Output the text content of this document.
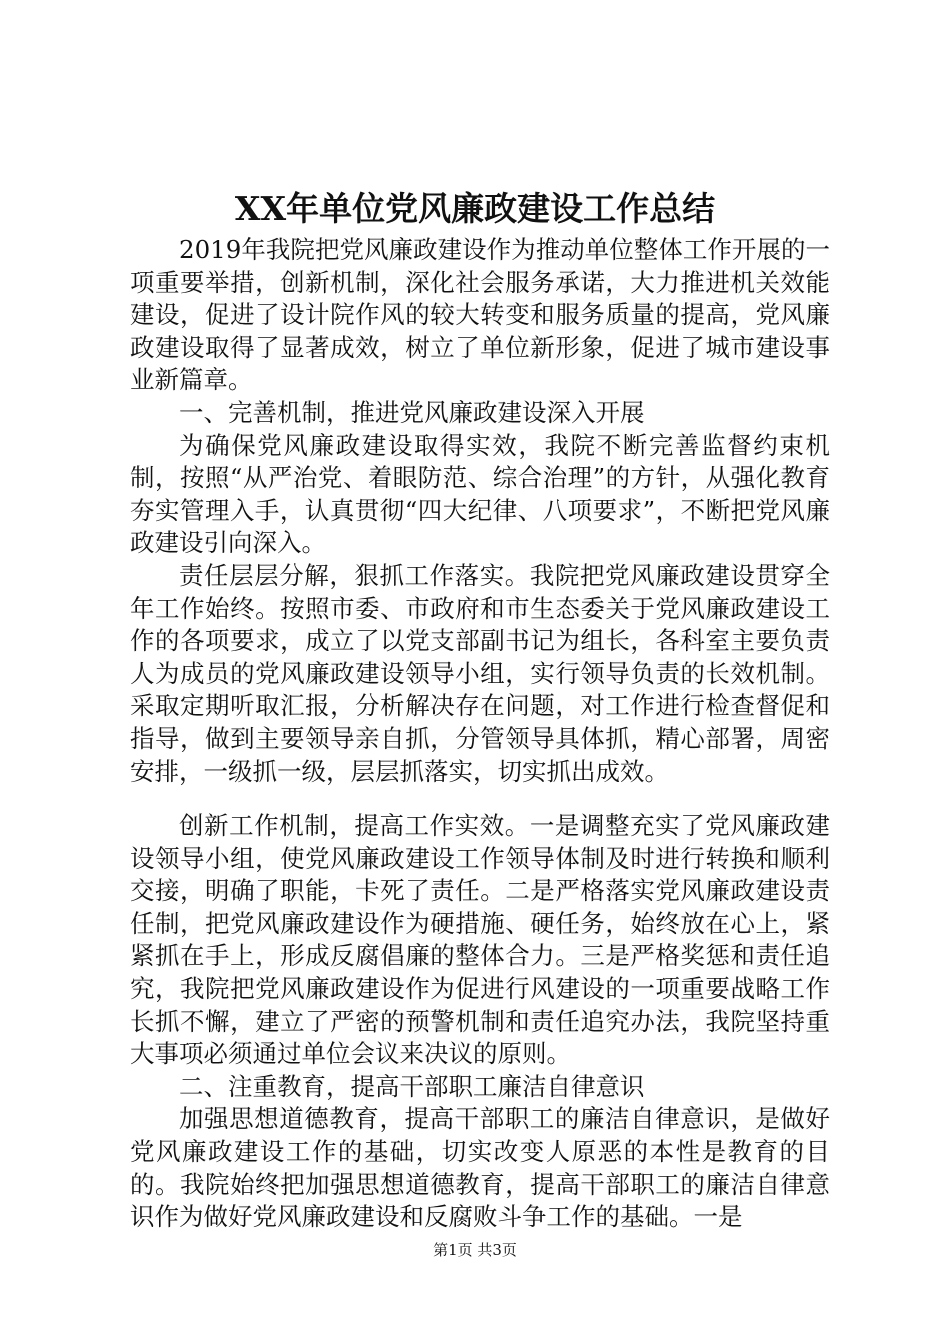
XX年单位党风廉政建设工作总结

2019年我院把党风廉政建设作为推动单位整体工作开展的一项重要举措，创新机制，深化社会服务承诺，大力推进机关效能建设，促进了设计院作风的较大转变和服务质量的提高，党风廉政建设取得了显著成效，树立了单位新形象，促进了城市建设事业新篇章。

一、完善机制，推进党风廉政建设深入开展

为确保党风廉政建设取得实效，我院不断完善监督约束机制，按照“从严治党、着眼防范、综合治理”的方针，从强化教育夯实管理入手，认真贯彻“四大纪律、八项要求”，不断把党风廉政建设引向深入。

责任层层分解，狠抓工作落实。我院把党风廉政建设贯穿全年工作始终。按照市委、市政府和市生态委关于党风廉政建设工作的各项要求，成立了以党支部副书记为组长，各科室主要负责人为成员的党风廉政建设领导小组，实行领导负责的长效机制。采取定期听取汇报，分析解决存在问题，对工作进行检查督促和指导，做到主要领导亲自抓，分管领导具体抓，精心部署，周密安排，一级抓一级，层层抓落实，切实抓出成效。

创新工作机制，提高工作实效。一是调整充实了党风廉政建设领导小组，使党风廉政建设工作领导体制及时进行转换和顺利交接，明确了职能，卡死了责任。二是严格落实党风廉政建设责任制，把党风廉政建设作为硬措施、硬任务，始终放在心上，紧紧抓在手上，形成反腐倡廉的整体合力。三是严格奖惩和责任追究，我院把党风廉政建设作为促进行风建设的一项重要战略工作长抓不懈，建立了严密的预警机制和责任追究办法，我院坚持重大事项必须通过单位会议来决议的原则。

二、注重教育，提高干部职工廉洁自律意识

加强思想道德教育，提高干部职工的廉洁自律意识，是做好党风廉政建设工作的基础，切实改变人原恶的本性是教育的目的。我院始终把加强思想道德教育，提高干部职工的廉洁自律意识作为做好党风廉政建设和反腐败斗争工作的基础。一是

第1页 共3页
